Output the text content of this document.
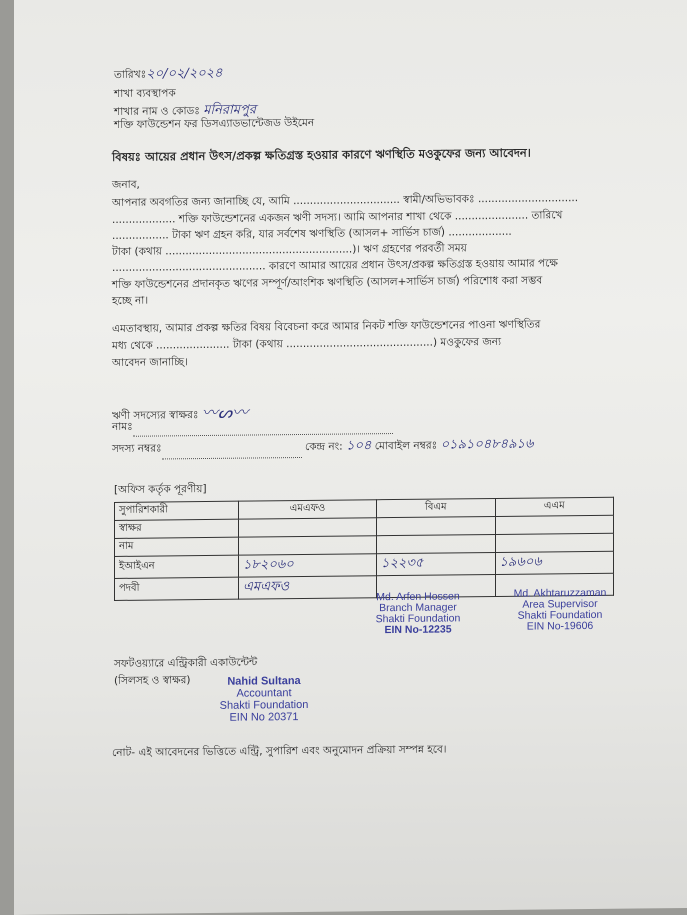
তারিখঃ২০/০২/২০২৪
শাখা ব্যবস্থাপক
শাখার নাম ও কোডঃ মনিরামপুর
শক্তি ফাউন্ডেশন ফর ডিসএ্যাডভান্টেজড উইমেন
বিষয়ঃ আয়ের প্রধান উৎস/প্রকল্প ক্ষতিগ্রস্ত হওয়ার কারণে ঋণস্থিতি মওকুফের জন্য আবেদন।
জনাব,
আপনার অবগতির জন্য জানাচ্ছি যে, আমি ................................ স্বামী/অভিভাবকঃ ..............................
................... শক্তি ফাউন্ডেশনের একজন ঋণী সদস্য। আমি আপনার শাখা থেকে ...................... তারিখে
................. টাকা ঋণ গ্রহন করি, যার সর্বশেষ ঋণস্থিতি (আসল+ সার্ভিস চার্জ) ...................
টাকা (কথায় ........................................................)। ঋণ গ্রহণের পরবর্তী সময়
.............................................. কারণে আমার আয়ের প্রধান উৎস/প্রকল্প ক্ষতিগ্রস্ত হওয়ায় আমার পক্ষে
শক্তি ফাউন্ডেশনের প্রদানকৃত ঋণের সম্পূর্ণ/আংশিক ঋণস্থিতি (আসল+সার্ভিস চার্জ) পরিশোধ করা সম্ভব
হচ্ছে না।
এমতাবস্থায়, আমার প্রকল্প ক্ষতির বিষয় বিবেচনা করে আমার নিকট শক্তি ফাউন্ডেশনের পাওনা ঋণস্থিতির
মধ্য থেকে ...................... টাকা (কথায় ............................................) মওকুফের জন্য
আবেদন জানাচ্ছি।
ঋণী সদস্যের স্বাক্ষরঃ 〰ᔕ〰
নামঃ
সদস্য নম্বরঃ	কেন্দ্র নং: ১০৪ মোবাইল নম্বরঃ ০১৯১০৪৮৪৯১৬
[অফিস কর্তৃক পূরণীয়]
সুপারিশকারী	এমএফও	বিএম	এএম
স্বাক্ষর			
নাম			
ইআইএন	১৮২০৬০	১২২৩৫	১৯৬০৬
পদবী	এমএফও		
Md. Arfen Hossen
Branch Manager
Shakti Foundation
EIN No-12235
Md. Akhtaruzzaman
Area Supervisor
Shakti Foundation
EIN No-19606
সফটওয়্যারে এন্ট্রিকারী একাউন্টেন্ট
(সিলসহ ও স্বাক্ষর)	Nahid Sultana
Accountant
Shakti Foundation
EIN No 20371
নোট- এই আবেদনের ভিত্তিতে এন্ট্রি, সুপারিশ এবং অনুমোদন প্রক্রিয়া সম্পন্ন হবে।
